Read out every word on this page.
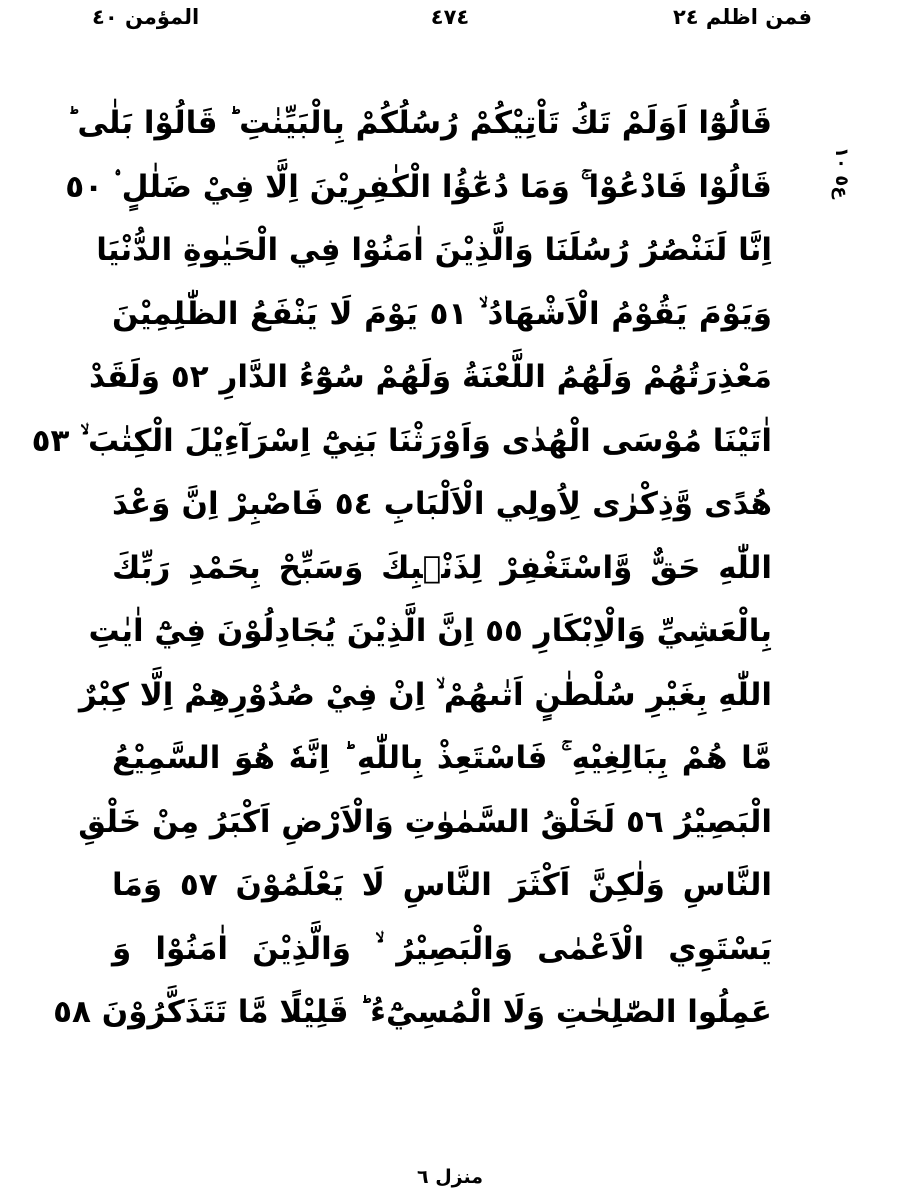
فمن اظلم ٢٤
٤٧٤
المؤمن ٤٠
ع٥ ١٠
قَالُوْٓا اَوَلَمْ تَكُ تَاْتِيْكُمْ رُسُلُكُمْ بِالْبَيِّنٰتِ ؕ قَالُوْا بَلٰى ؕ
قَالُوْا فَادْعُوْا ۚ وَمَا دُعٰٓؤُا الْكٰفِرِيْنَ اِلَّا فِيْ ضَلٰلٍ ۟ ٥٠
اِنَّا لَنَنْصُرُ رُسُلَنَا وَالَّذِيْنَ اٰمَنُوْا فِي الْحَيٰوةِ الدُّنْيَا
وَيَوْمَ يَقُوْمُ الْاَشْهَادُ ۙ ٥١ يَوْمَ لَا يَنْفَعُ الظّٰلِمِيْنَ
مَعْذِرَتُهُمْ وَلَهُمُ اللَّعْنَةُ وَلَهُمْ سُوْٓءُ الدَّارِ ٥٢ وَلَقَدْ
اٰتَيْنَا مُوْسَى الْهُدٰى وَاَوْرَثْنَا بَنِيْٓ اِسْرَآءِيْلَ الْكِتٰبَ ۙ ٥٣
هُدًى وَّذِكْرٰى لِاُولِي الْاَلْبَابِ ٥٤ فَاصْبِرْ اِنَّ وَعْدَ
اللّٰهِ حَقٌّ وَّاسْتَغْفِرْ لِذَنْۢبِكَ وَسَبِّحْ بِحَمْدِ رَبِّكَ
بِالْعَشِيِّ وَالْاِبْكَارِ ٥٥ اِنَّ الَّذِيْنَ يُجَادِلُوْنَ فِيْٓ اٰيٰتِ
اللّٰهِ بِغَيْرِ سُلْطٰنٍ اَتٰىهُمْ ۙ اِنْ فِيْ صُدُوْرِهِمْ اِلَّا كِبْرٌ
مَّا هُمْ بِبَالِغِيْهِ ۚ فَاسْتَعِذْ بِاللّٰهِ ؕ اِنَّهٗ هُوَ السَّمِيْعُ
الْبَصِيْرُ ٥٦ لَخَلْقُ السَّمٰوٰتِ وَالْاَرْضِ اَكْبَرُ مِنْ خَلْقِ
النَّاسِ وَلٰكِنَّ اَكْثَرَ النَّاسِ لَا يَعْلَمُوْنَ ٥٧ وَمَا
يَسْتَوِي الْاَعْمٰى وَالْبَصِيْرُ ۙ وَالَّذِيْنَ اٰمَنُوْا وَ
عَمِلُوا الصّٰلِحٰتِ وَلَا الْمُسِيْٓءُ ؕ قَلِيْلًا مَّا تَتَذَكَّرُوْنَ ٥٨
منزل ٦
